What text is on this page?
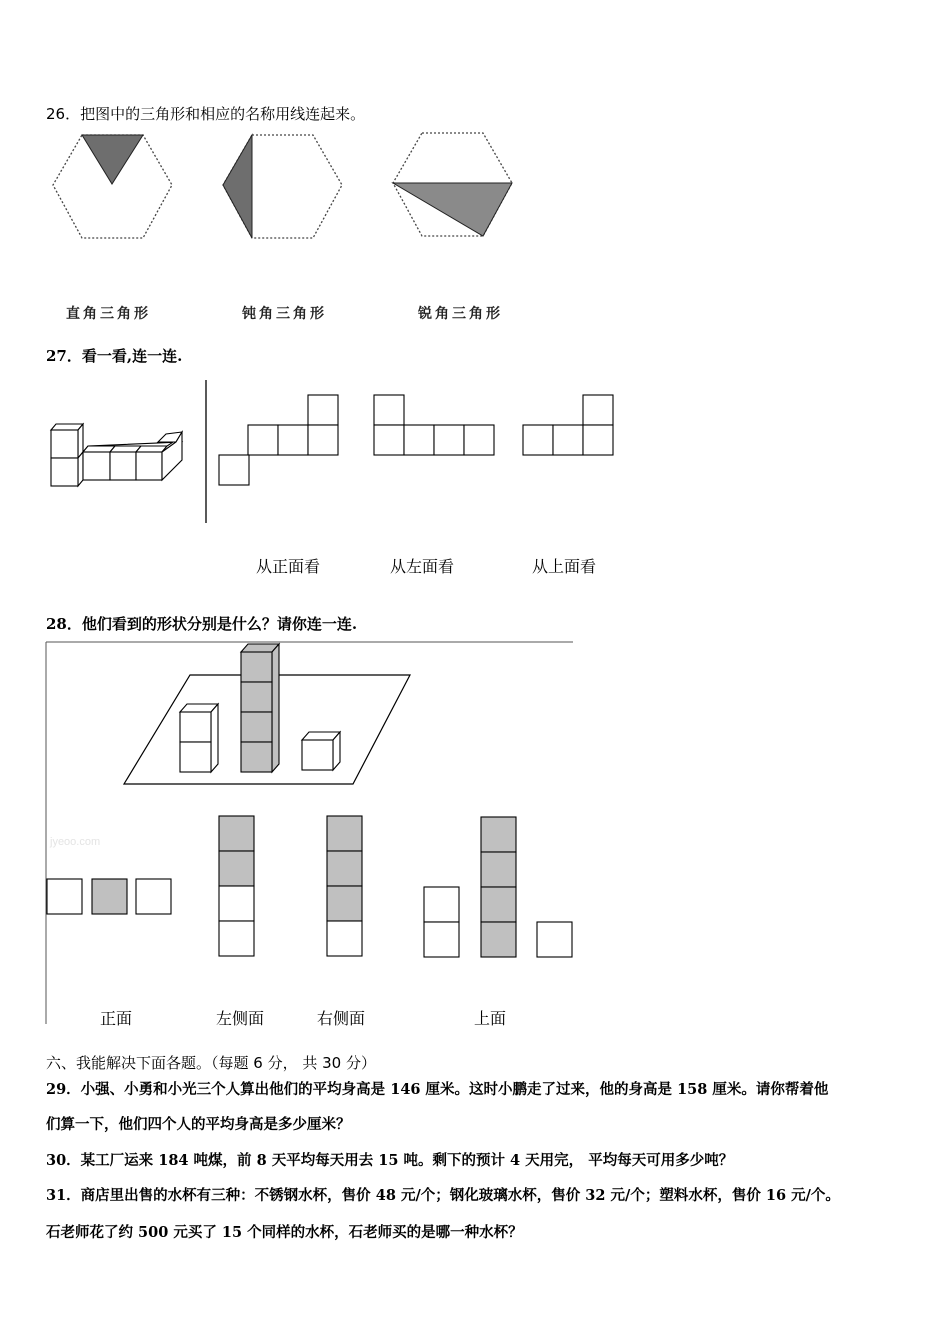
26．把图中的三角形和相应的名称用线连起来。
直角三角形	钝角三角形	锐角三角形
27．看一看,连一连.
从正面看	从左面看	从上面看
28．他们看到的形状分别是什么？请你连一连.
jyeoo.com
正面	左侧面	右侧面	上面
六、我能解决下面各题。（每题 6 分， 共 30 分）
29．小强、小勇和小光三个人算出他们的平均身高是 146 厘米。这时小鹏走了过来，他的身高是 158 厘米。请你帮着他
们算一下，他们四个人的平均身高是多少厘米？
30．某工厂运来 184 吨煤，前 8 天平均每天用去 15 吨。剩下的预计 4 天用完， 平均每天可用多少吨？
31．商店里出售的水杯有三种：不锈钢水杯，售价 48 元/个；钢化玻璃水杯，售价 32 元/个；塑料水杯，售价 16 元/个。
石老师花了约 500 元买了 15 个同样的水杯，石老师买的是哪一种水杯？
